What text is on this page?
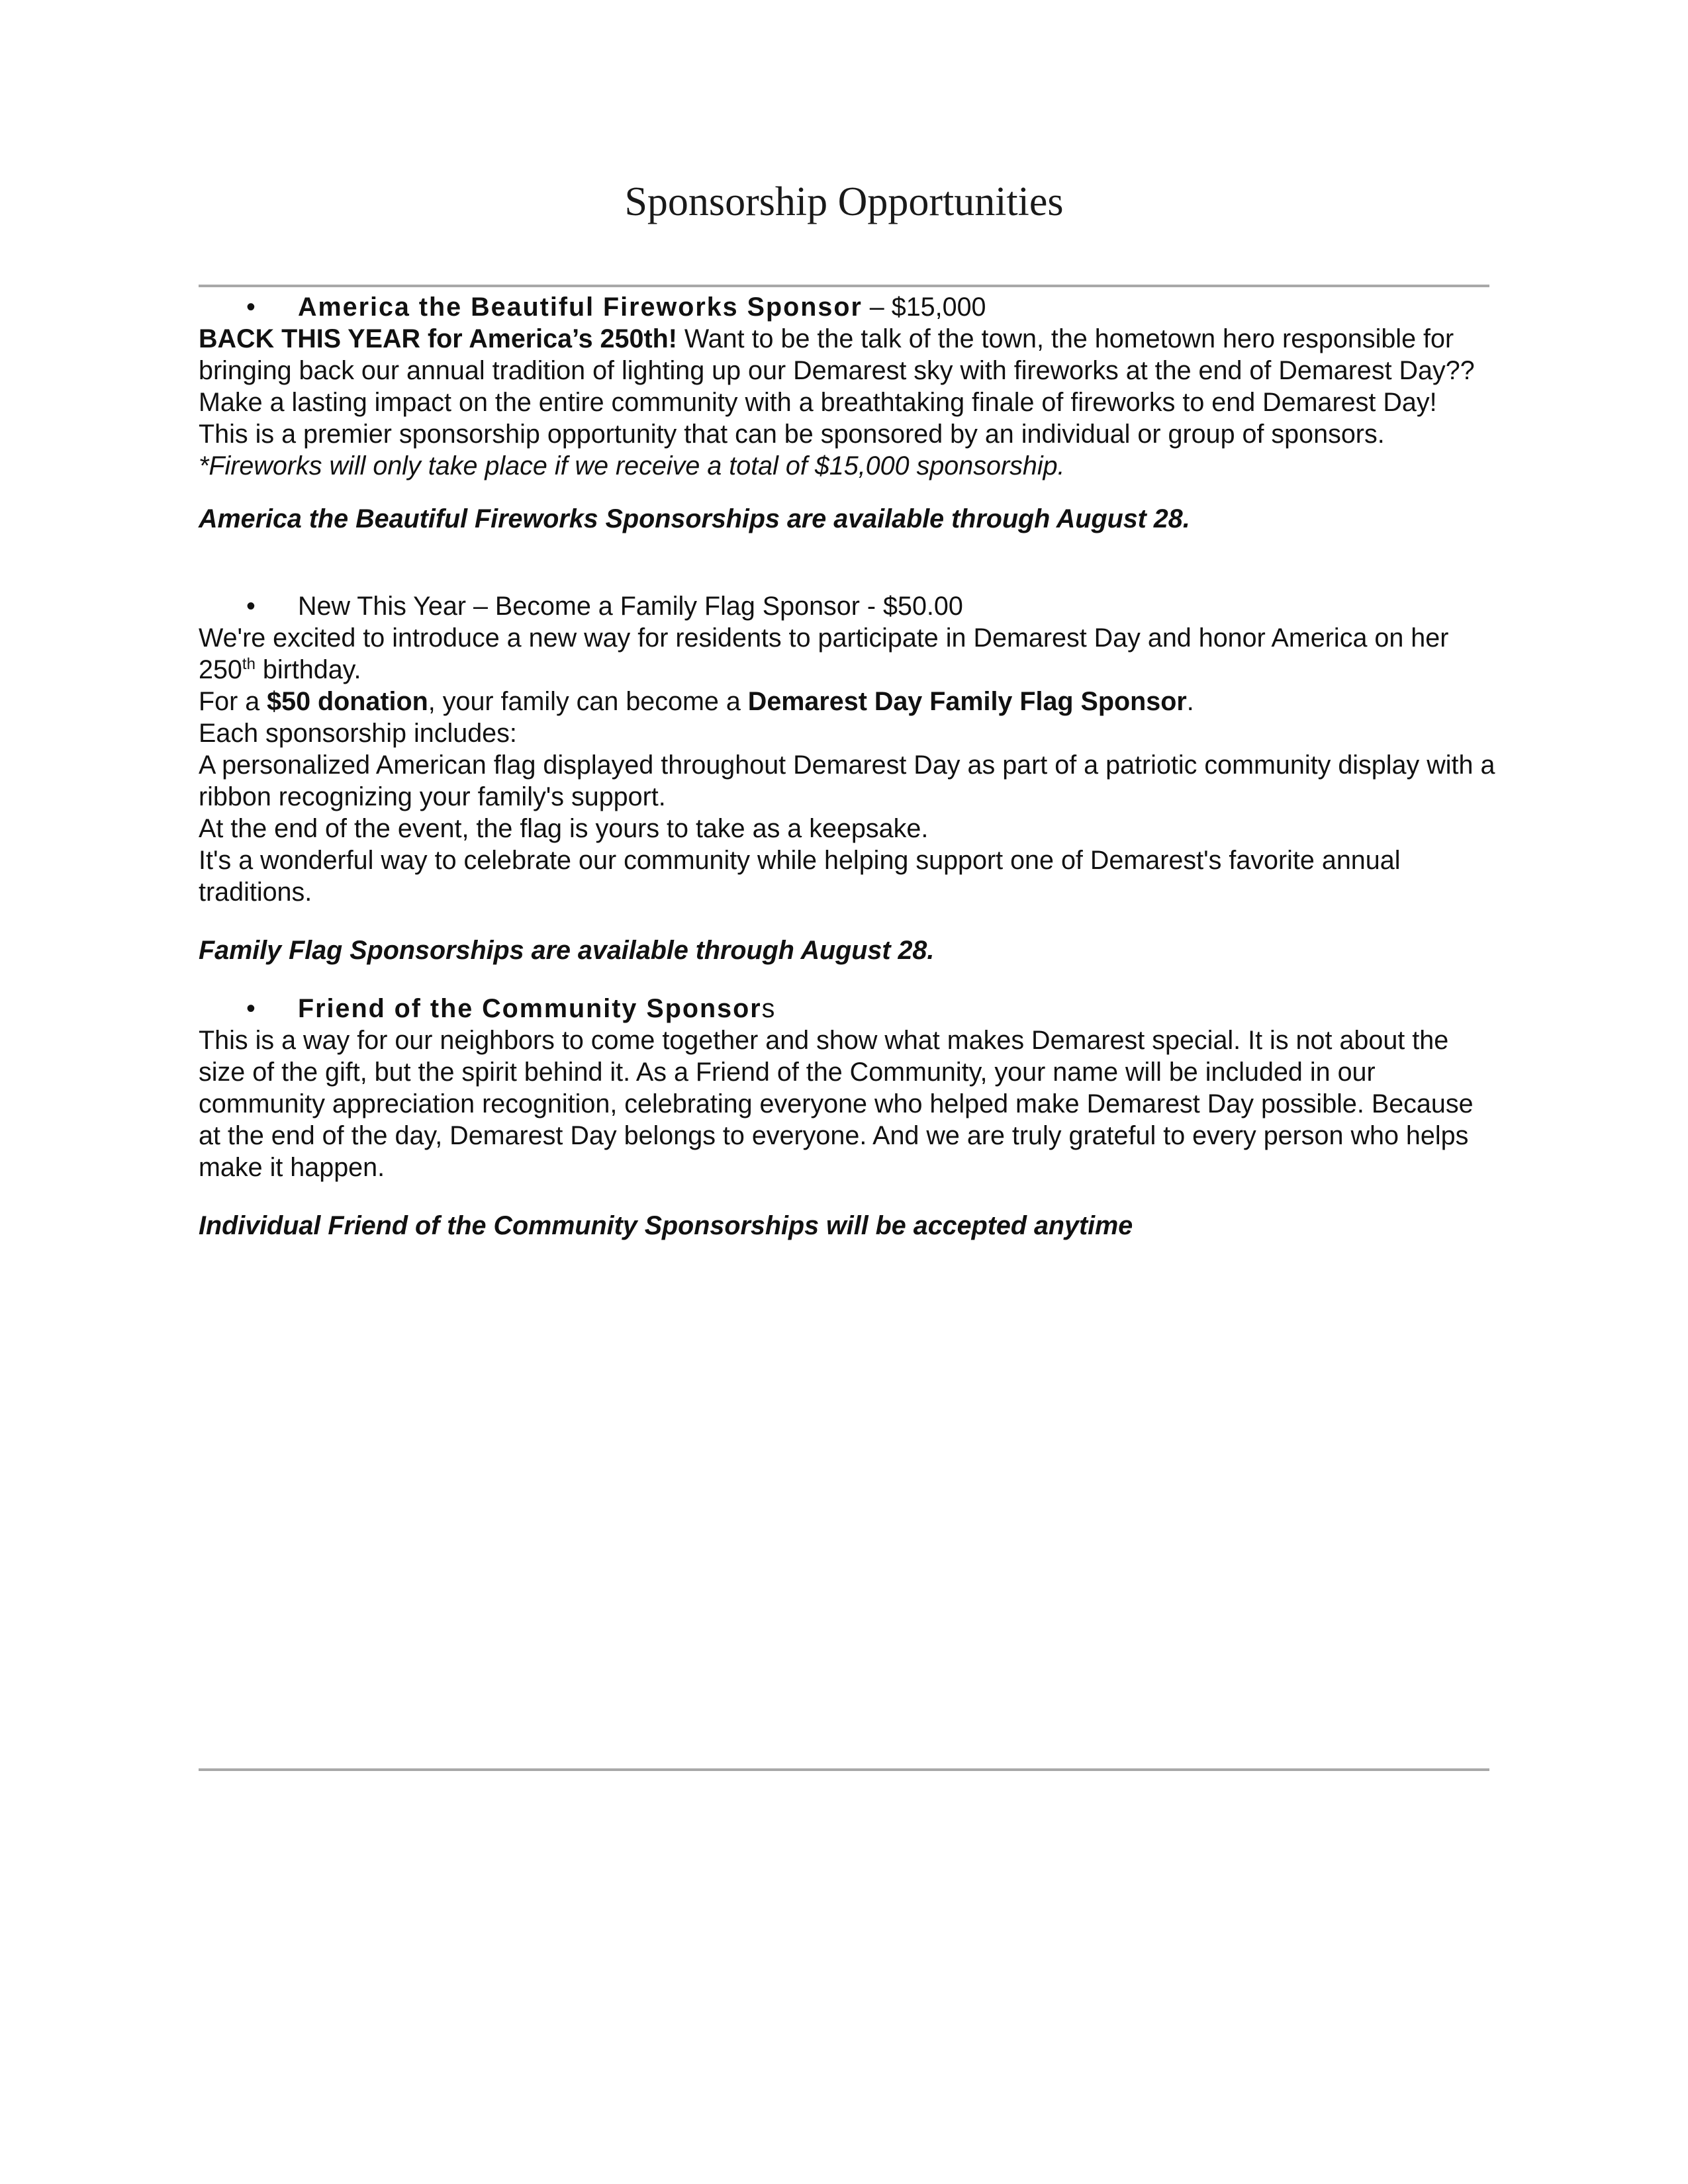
Sponsorship Opportunities

• America the Beautiful Fireworks Sponsor – $15,000

BACK THIS YEAR for America’s 250th! Want to be the talk of the town, the hometown hero responsible for bringing back our annual tradition of lighting up our Demarest sky with fireworks at the end of Demarest Day??

Make a lasting impact on the entire community with a breathtaking finale of fireworks to end Demarest Day!

This is a premier sponsorship opportunity that can be sponsored by an individual or group of sponsors.

*Fireworks will only take place if we receive a total of $15,000 sponsorship.

America the Beautiful Fireworks Sponsorships are available through August 28.

• New This Year – Become a Family Flag Sponsor - $50.00

We're excited to introduce a new way for residents to participate in Demarest Day and honor America on her 250th birthday.

For a $50 donation, your family can become a Demarest Day Family Flag Sponsor.

Each sponsorship includes:

A personalized American flag displayed throughout Demarest Day as part of a patriotic community display with a ribbon recognizing your family's support.

At the end of the event, the flag is yours to take as a keepsake.

It's a wonderful way to celebrate our community while helping support one of Demarest's favorite annual traditions.

Family Flag Sponsorships are available through August 28.

• Friend of the Community Sponsors

This is a way for our neighbors to come together and show what makes Demarest special. It is not about the size of the gift, but the spirit behind it. As a Friend of the Community, your name will be included in our community appreciation recognition, celebrating everyone who helped make Demarest Day possible. Because at the end of the day, Demarest Day belongs to everyone. And we are truly grateful to every person who helps make it happen.

Individual Friend of the Community Sponsorships will be accepted anytime
